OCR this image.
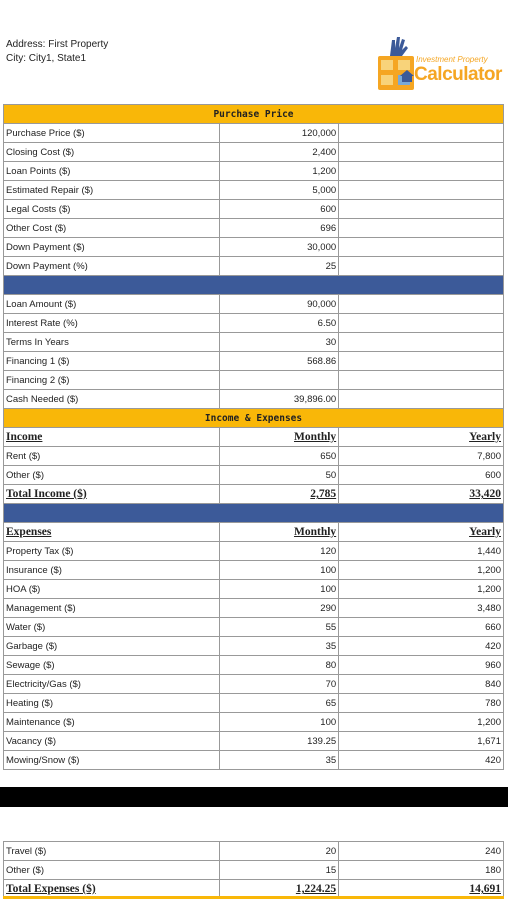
Address: First Property
City: City1, State1	Investment Property
Calculator
Purchase Price		
Purchase Price ($)	120,000	
Closing Cost ($)	2,400	
Loan Points ($)	1,200	
Estimated Repair ($)	5,000	
Legal Costs ($)	600	
Other Cost ($)	696	
Down Payment ($)	30,000	
Down Payment (%)	25	

Loan Amount ($)	90,000	
Interest Rate (%)	6.50	
Terms In Years	30	
Financing 1 ($)	568.86	
Financing 2 ($)		
Cash Needed ($)	39,896.00	
Income & Expenses		
Income	Monthly	Yearly
Rent ($)	650	7,800
Other ($)	50	600
Total Income ($)	2,785	33,420

Expenses	Monthly	Yearly
Property Tax ($)	120	1,440
Insurance ($)	100	1,200
HOA ($)	100	1,200
Management ($)	290	3,480
Water ($)	55	660
Garbage ($)	35	420
Sewage ($)	80	960
Electricity/Gas ($)	70	840
Heating ($)	65	780
Maintenance ($)	100	1,200
Vacancy ($)	139.25	1,671
Mowing/Snow ($)	35	420
Travel ($)	20	240
Other ($)	15	180
Total Expenses ($)	1,224.25	14,691
